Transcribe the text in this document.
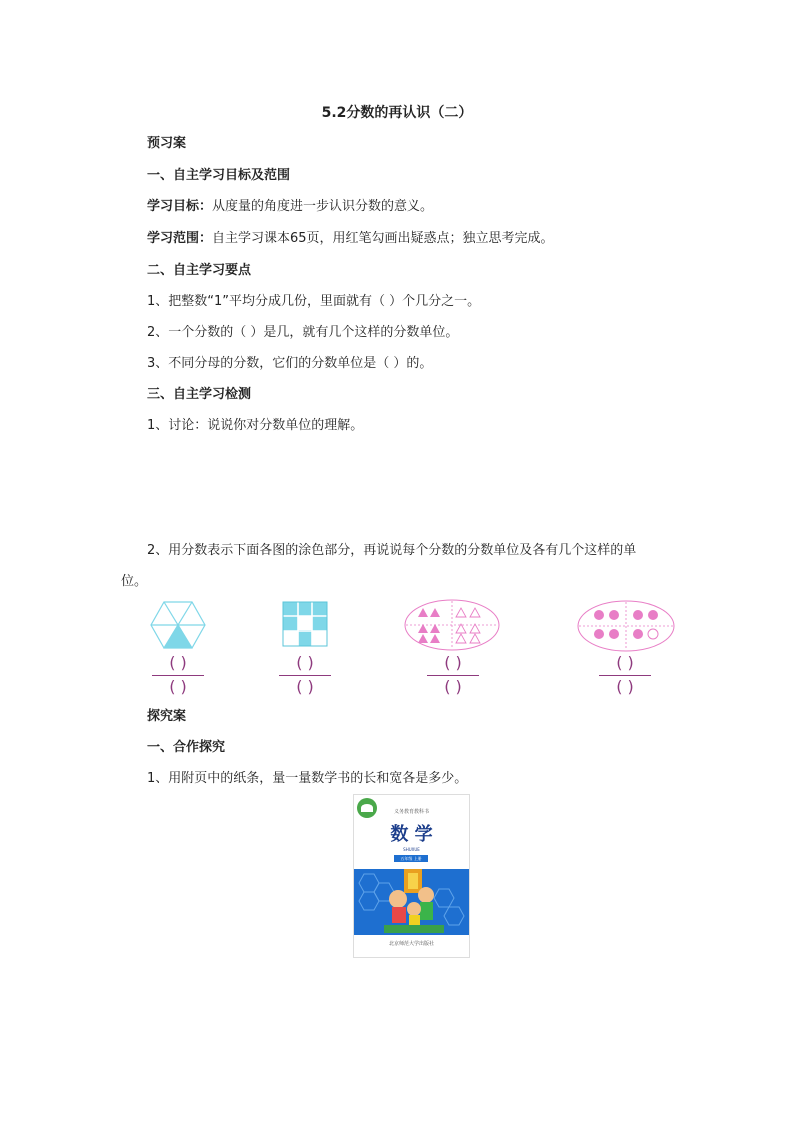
5.2分数的再认识（二）
预习案
一、自主学习目标及范围
学习目标：从度量的角度进一步认识分数的意义。
学习范围：自主学习课本65页，用红笔勾画出疑惑点；独立思考完成。
二、自主学习要点
1、把整数“1”平均分成几份，里面就有（ ）个几分之一。
2、一个分数的（ ）是几，就有几个这样的分数单位。
3、不同分母的分数，它们的分数单位是（ ）的。
三、自主学习检测
1、讨论：说说你对分数单位的理解。
2、用分数表示下面各图的涂色部分，再说说每个分数的分数单位及各有几个这样的单
位。
( )
( )
( )
( )
( )
( )
( )
( )
探究案
一、合作探究
1、用附页中的纸条，量一量数学书的长和宽各是多少。
义务教育教科书
数 学
SHUXUE
五年级 上册
北京师范大学出版社
